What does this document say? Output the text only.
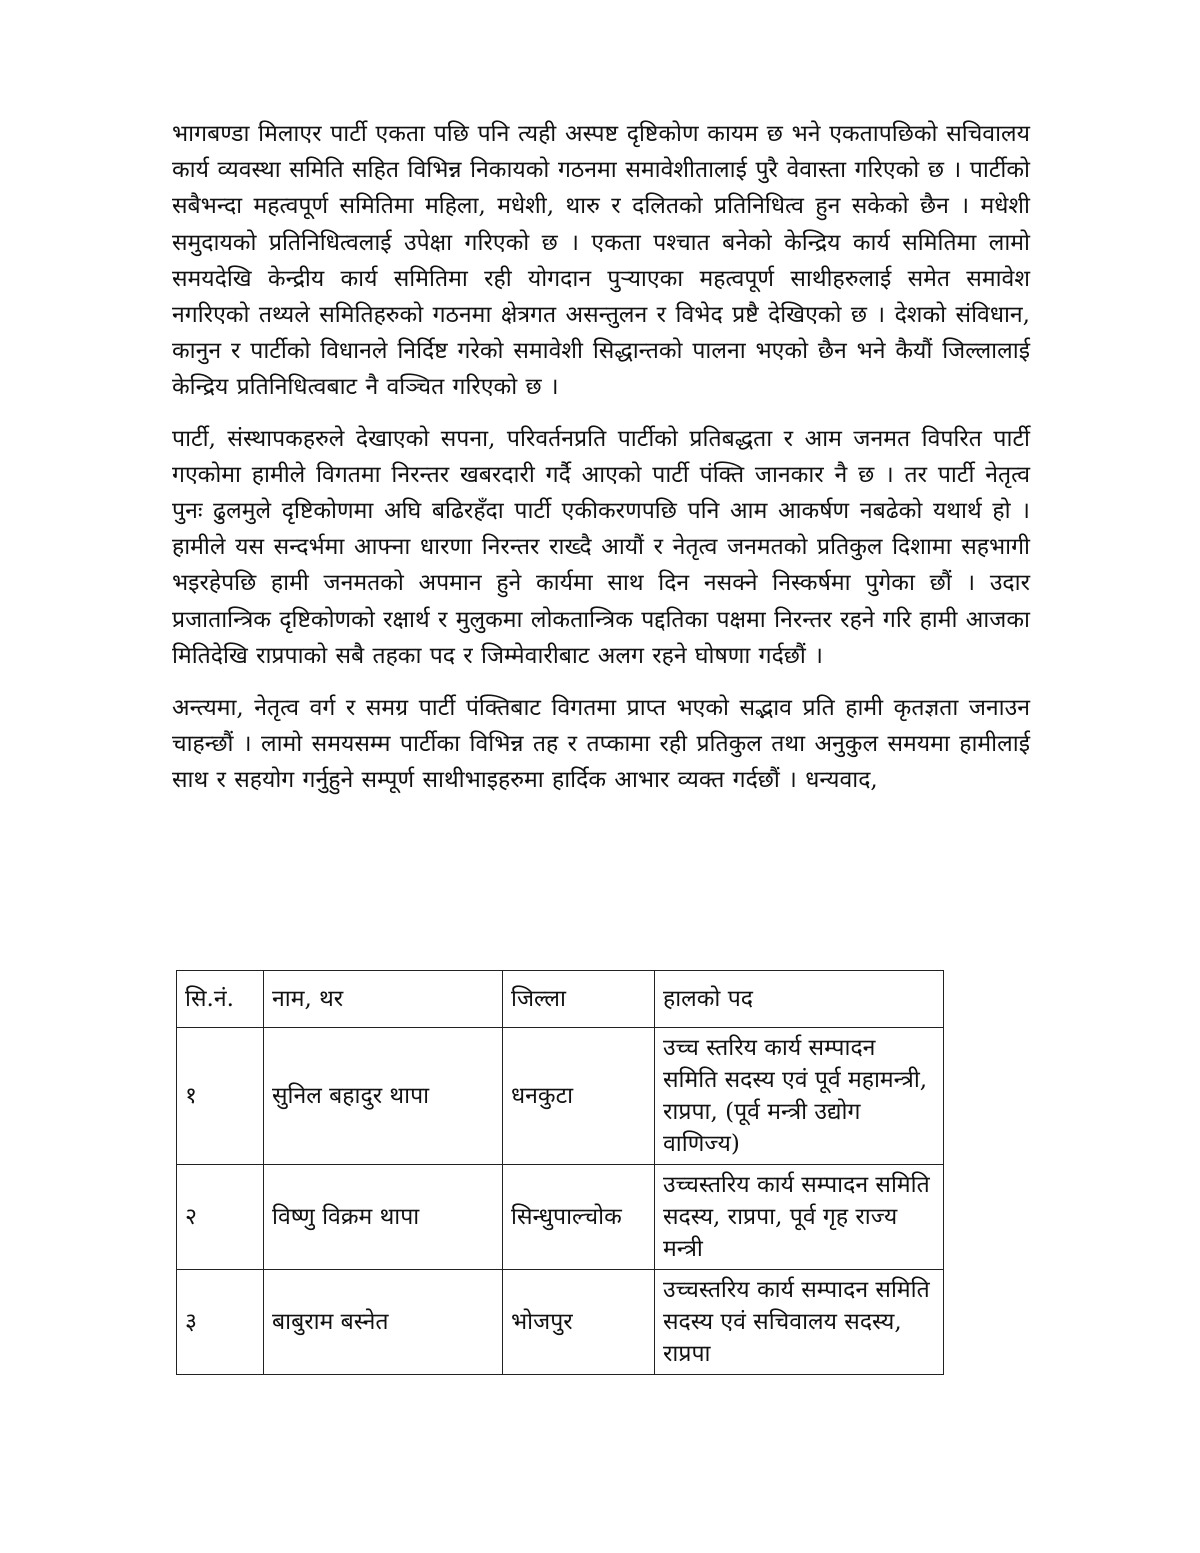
भागबण्डा मिलाएर पार्टी एकता पछि पनि त्यही अस्पष्ट दृष्टिकोण कायम छ भने एकतापछिको सचिवालय कार्य व्यवस्था समिति सहित विभिन्न निकायको गठनमा समावेशीतालाई पुरै वेवास्ता गरिएको छ । पार्टीको सबैभन्दा महत्वपूर्ण समितिमा महिला, मधेशी, थारु र दलितको प्रतिनिधित्व हुन सकेको छैन । मधेशी समुदायको प्रतिनिधित्वलाई उपेक्षा गरिएको छ । एकता पश्चात बनेको केन्द्रिय कार्य समितिमा लामो समयदेखि केन्द्रीय कार्य समितिमा रही योगदान पुऱ्याएका महत्वपूर्ण साथीहरुलाई समेत समावेश नगरिएको तथ्यले समितिहरुको गठनमा क्षेत्रगत असन्तुलन र विभेद प्रष्टै देखिएको छ । देशको संविधान, कानुन र पार्टीको विधानले निर्दिष्ट गरेको समावेशी सिद्धान्तको पालना भएको छैन भने कैयौं जिल्लालाई केन्द्रिय प्रतिनिधित्वबाट नै वञ्चित गरिएको छ ।

पार्टी, संस्थापकहरुले देखाएको सपना, परिवर्तनप्रति पार्टीको प्रतिबद्धता र आम जनमत विपरित पार्टी गएकोमा हामीले विगतमा निरन्तर खबरदारी गर्दै आएको पार्टी पंक्ति जानकार नै छ । तर पार्टी नेतृत्व पुनः ढुलमुले दृष्टिकोणमा अघि बढिरहँदा पार्टी एकीकरणपछि पनि आम आकर्षण नबढेको यथार्थ हो । हामीले यस सन्दर्भमा आफ्ना धारणा निरन्तर राख्दै आयौं र नेतृत्व जनमतको प्रतिकुल दिशामा सहभागी भइरहेपछि हामी जनमतको अपमान हुने कार्यमा साथ दिन नसक्ने निस्कर्षमा पुगेका छौं । उदार प्रजातान्त्रिक दृष्टिकोणको रक्षार्थ र मुलुकमा लोकतान्त्रिक पद्दतिका पक्षमा निरन्तर रहने गरि हामी आजका मितिदेखि राप्रपाको सबै तहका पद र जिम्मेवारीबाट अलग रहने घोषणा गर्दछौं ।

अन्त्यमा, नेतृत्व वर्ग र समग्र पार्टी पंक्तिबाट विगतमा प्राप्त भएको सद्भाव प्रति हामी कृतज्ञता जनाउन चाहन्छौं । लामो समयसम्म पार्टीका विभिन्न तह र तप्कामा रही प्रतिकुल तथा अनुकुल समयमा हामीलाई साथ र सहयोग गर्नुहुने सम्पूर्ण साथीभाइहरुमा हार्दिक आभार व्यक्त गर्दछौं । धन्यवाद,

सि.नं.	नाम, थर	जिल्ला	हालको पद
१	सुनिल बहादुर थापा	धनकुटा	उच्च स्तरिय कार्य सम्पादन समिति सदस्य एवं पूर्व महामन्त्री, राप्रपा, (पूर्व मन्त्री उद्योग वाणिज्य)
२	विष्णु विक्रम थापा	सिन्धुपाल्चोक	उच्चस्तरिय कार्य सम्पादन समिति सदस्य, राप्रपा, पूर्व गृह राज्य मन्त्री
३	बाबुराम बस्नेत	भोजपुर	उच्चस्तरिय कार्य सम्पादन समिति सदस्य एवं सचिवालय सदस्य, राप्रपा
